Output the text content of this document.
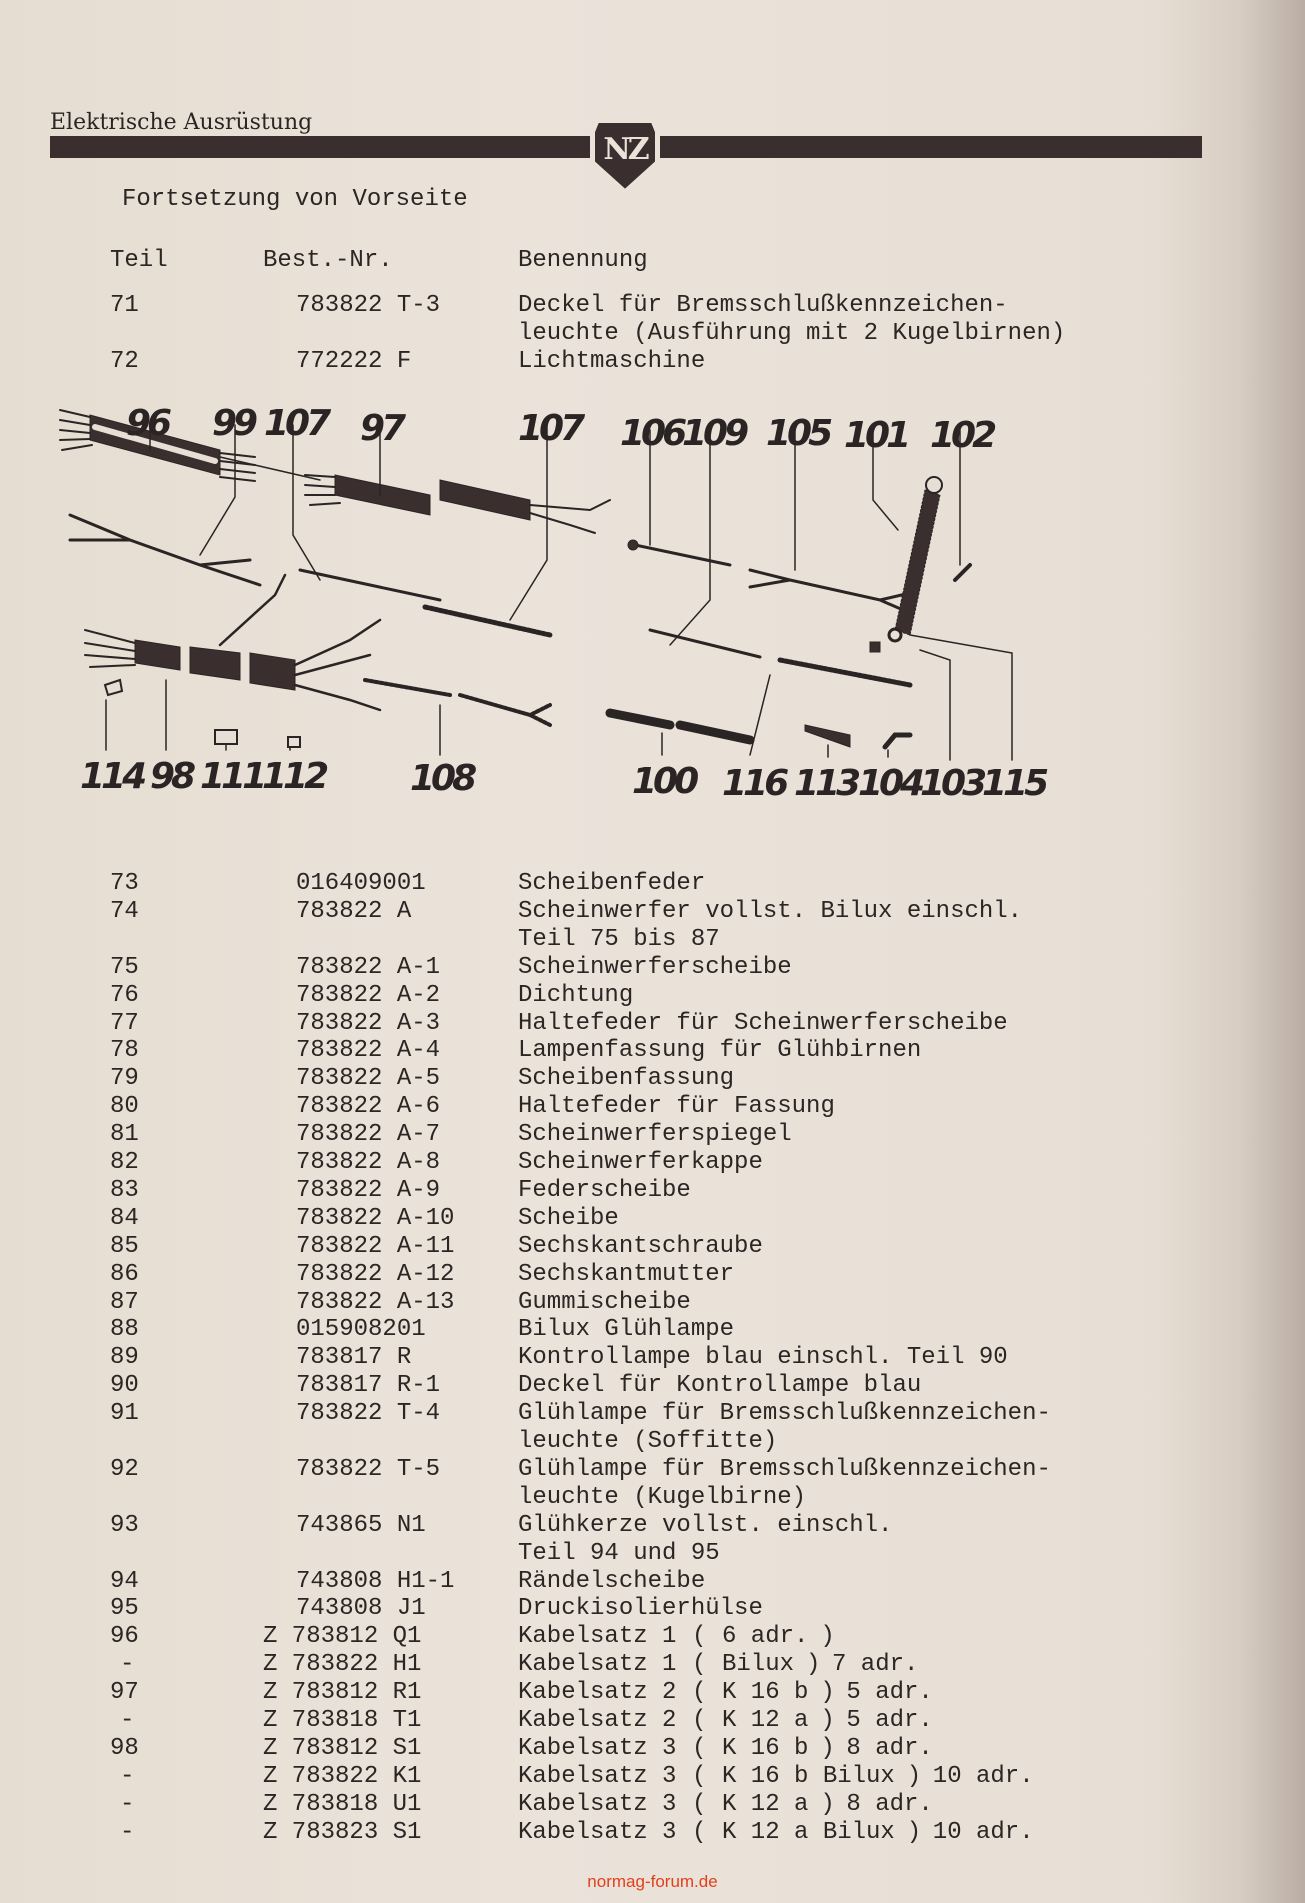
Elektrische Ausrüstung
NZ
Fortsetzung von Vorseite
Teil	Best.-Nr.	Benennung
71	783822 T-3	Deckel für Bremsschlußkennzeichen-
leuchte (Ausführung mit 2 Kugelbirnen)
72	772222 F	Lichtmaschine
96 99 107 97	107 106
109 105 101 102
114 98 111
112 108	100 116 113 104
103
115
73	016409001	Scheibenfeder
74	783822 A	Scheinwerfer vollst. Bilux einschl.
Teil 75 bis 87
75	783822 A-1	Scheinwerferscheibe
76	783822 A-2	Dichtung
77	783822 A-3	Haltefeder für Scheinwerferscheibe
78	783822 A-4	Lampenfassung für Glühbirnen
79	783822 A-5	Scheibenfassung
80	783822 A-6	Haltefeder für Fassung
81	783822 A-7	Scheinwerferspiegel
82	783822 A-8	Scheinwerferkappe
83	783822 A-9	Federscheibe
84	783822 A-10	Scheibe
85	783822 A-11	Sechskantschraube
86	783822 A-12	Sechskantmutter
87	783822 A-13	Gummischeibe
88	015908201	Bilux Glühlampe
89	783817 R	Kontrollampe blau einschl. Teil 90
90	783817 R-1	Deckel für Kontrollampe blau
91	783822 T-4	Glühlampe für Bremsschlußkennzeichen-
leuchte (Soffitte)
92	783822 T-5	Glühlampe für Bremsschlußkennzeichen-
leuchte (Kugelbirne)
93	743865 N1	Glühkerze vollst. einschl.
Teil 94 und 95
94	743808 H1-1	Rändelscheibe
95	743808 J1	Druckisolierhülse
96	Z 783812 Q1	Kabelsatz 1 ( 6 adr. )
-	Z 783822 H1	Kabelsatz 1 ( Bilux ) 7 adr.
97	Z 783812 R1	Kabelsatz 2 ( K 16 b ) 5 adr.
-	Z 783818 T1	Kabelsatz 2 ( K 12 a ) 5 adr.
98	Z 783812 S1	Kabelsatz 3 ( K 16 b ) 8 adr.
-	Z 783822 K1	Kabelsatz 3 ( K 16 b Bilux ) 10 adr.
-	Z 783818 U1	Kabelsatz 3 ( K 12 a ) 8 adr.
-	Z 783823 S1	Kabelsatz 3 ( K 12 a Bilux ) 10 adr.
normag-forum.de
